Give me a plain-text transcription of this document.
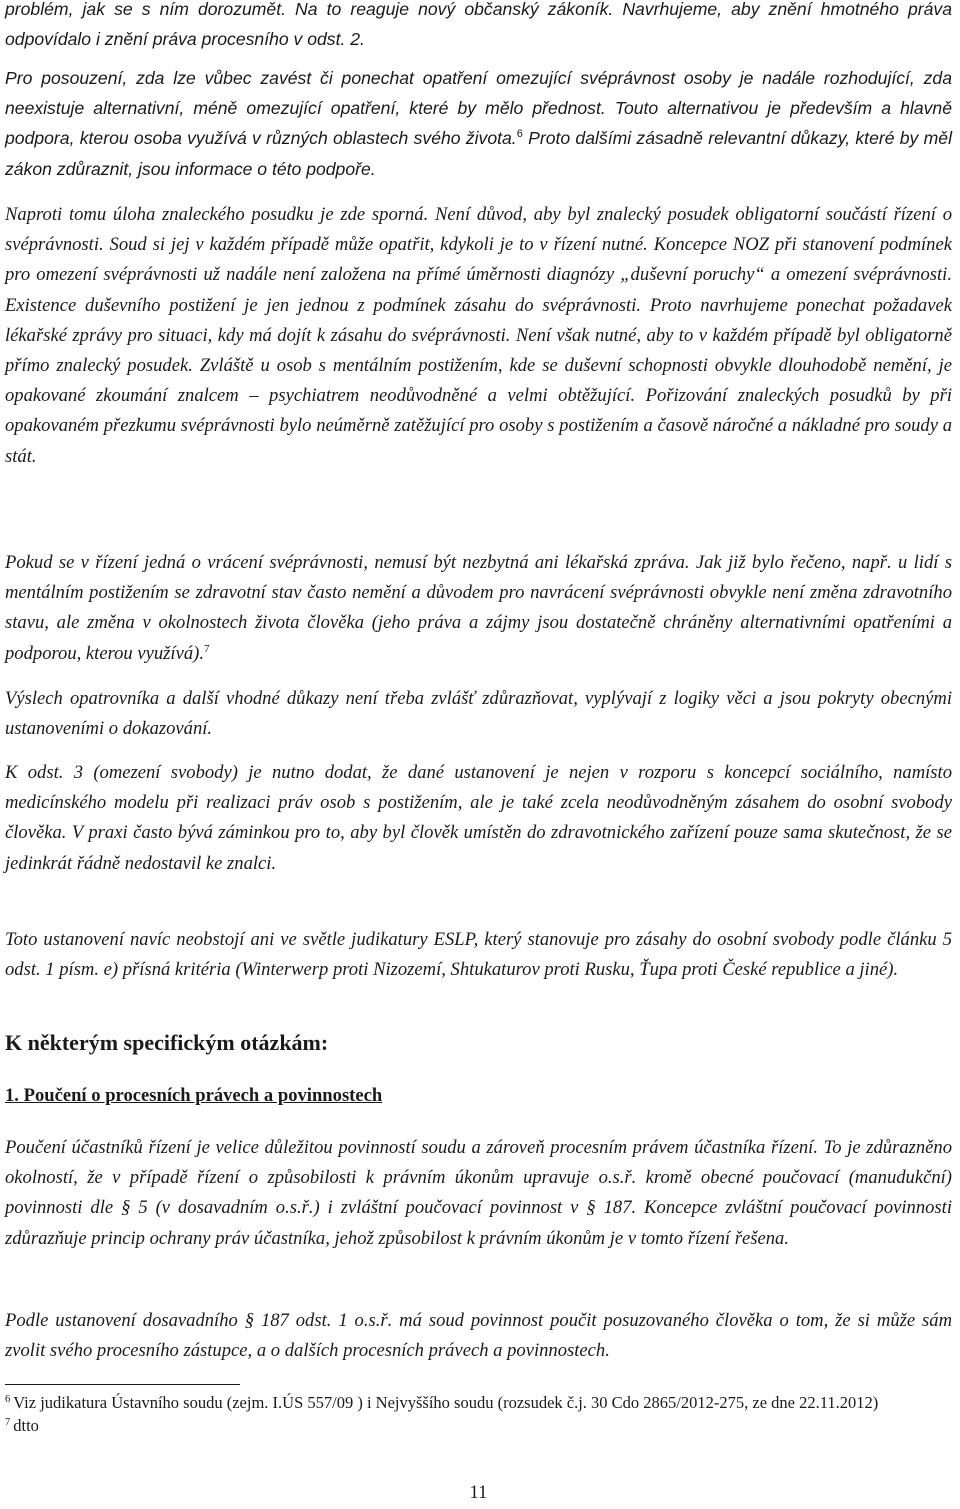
problém, jak se s ním dorozumět. Na to reaguje nový občanský zákoník. Navrhujeme, aby znění hmotného práva odpovídalo i znění práva procesního v odst. 2.

Pro posouzení, zda lze vůbec zavést či ponechat opatření omezující svéprávnost osoby je nadále rozhodující, zda neexistuje alternativní, méně omezující opatření, které by mělo přednost. Touto alternativou je především a hlavně podpora, kterou osoba využívá v různých oblastech svého života.$^6$ Proto dalšími zásadně relevantní důkazy, které by měl zákon zdůraznit, jsou informace o této podpoře.

Naproti tomu úloha znaleckého posudku je zde sporná. Není důvod, aby byl znalecký posudek obligatorní součástí řízení o svéprávnosti. Soud si jej v každém případě může opatřit, kdykoli je to v řízení nutné. Koncepce NOZ při stanovení podmínek pro omezení svéprávnosti už nadále není založena na přímé úměrnosti diagnózy „duševní poruchy“ a omezení svéprávnosti. Existence duševního postižení je jen jednou z podmínek zásahu do svéprávnosti. Proto navrhujeme ponechat požadavek lékařské zprávy pro situaci, kdy má dojít k zásahu do svéprávnosti. Není však nutné, aby to v každém případě byl obligatorně přímo znalecký posudek. Zvláště u osob s mentálním postižením, kde se duševní schopnosti obvykle dlouhodobě nemění, je opakované zkoumání znalcem – psychiatrem neodůvodněné a velmi obtěžující. Pořizování znaleckých posudků by při opakovaném přezkumu svéprávnosti bylo neúměrně zatěžující pro osoby s postižením a časově náročné a nákladné pro soudy a stát.

Pokud se v řízení jedná o vrácení svéprávnosti, nemusí být nezbytná ani lékařská zpráva. Jak již bylo řečeno, např. u lidí s mentálním postižením se zdravotní stav často nemění a důvodem pro navrácení svéprávnosti obvykle není změna zdravotního stavu, ale změna v okolnostech života člověka (jeho práva a zájmy jsou dostatečně chráněny alternativními opatřeními a podporou, kterou využívá).$^7$

Výslech opatrovníka a další vhodné důkazy není třeba zvlášť zdůrazňovat, vyplývají z logiky věci a jsou pokryty obecnými ustanoveními o dokazování.

K odst. 3 (omezení svobody) je nutno dodat, že dané ustanovení je nejen v rozporu s koncepcí sociálního, namísto medicínského modelu při realizaci práv osob s postižením, ale je také zcela neodůvodněným zásahem do osobní svobody člověka. V praxi často bývá záminkou pro to, aby byl člověk umístěn do zdravotnického zařízení pouze sama skutečnost, že se jedinkrát řádně nedostavil ke znalci.

Toto ustanovení navíc neobstojí ani ve světle judikatury ESLP, který stanovuje pro zásahy do osobní svobody podle článku 5 odst. 1 písm. e) přísná kritéria (Winterwerp proti Nizozemí, Shtukaturov proti Rusku, Ťupa proti České republice a jiné).

K některým specifickým otázkám:
1. Poučení o procesních právech a povinnostech

Poučení účastníků řízení je velice důležitou povinností soudu a zároveň procesním právem účastníka řízení. To je zdůrazněno okolností, že v případě řízení o způsobilosti k právním úkonům upravuje o.s.ř. kromě obecné poučovací (manudukční) povinnosti dle § 5 (v dosavadním o.s.ř.) i zvláštní poučovací povinnost v § 187. Koncepce zvláštní poučovací povinnosti zdůrazňuje princip ochrany práv účastníka, jehož způsobilost k právním úkonům je v tomto řízení řešena.

Podle ustanovení dosavadního § 187 odst. 1 o.s.ř. má soud povinnost poučit posuzovaného člověka o tom, že si může sám zvolit svého procesního zástupce, a o dalších procesních právech a povinnostech.

$^6$ Viz judikatura Ústavního soudu (zejm. I.ÚS 557/09 ) i Nejvyššího soudu (rozsudek č.j. 30 Cdo 2865/2012-275, ze dne 22.11.2012)

$^7$ dtto

11
